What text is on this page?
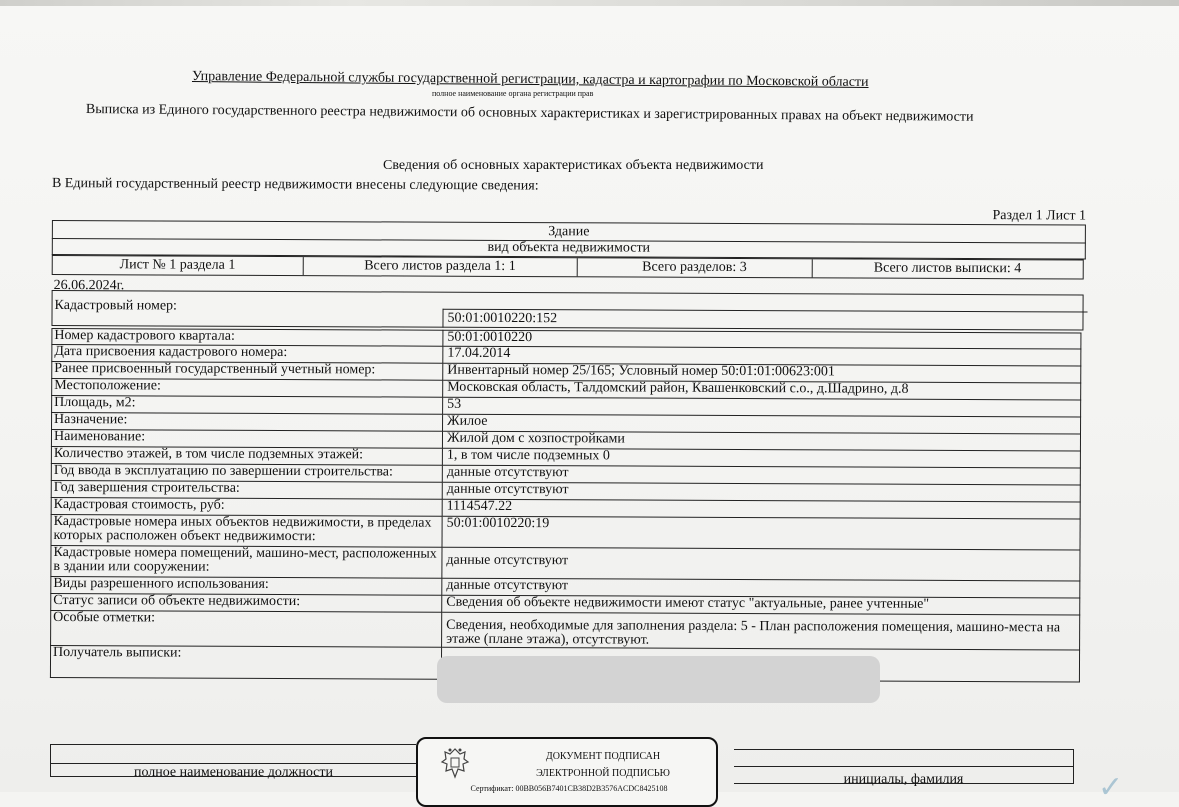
Управление Федеральной службы государственной регистрации, кадастра и картографии по Московской области
полное наименование органа регистрации прав
Выписка из Единого государственного реестра недвижимости об основных характеристиках и зарегистрированных правах на объект недвижимости
Сведения об основных характеристиках объекта недвижимости
В Единый государственный реестр недвижимости внесены следующие сведения:
Раздел 1 Лист 1
Здание
вид объекта недвижимости
Лист № 1 раздела 1	Всего листов раздела 1: 1	Всего разделов: 3	Всего листов выписки: 4
26.06.2024г.
Кадастровый номер:
50:01:0010220:152
Номер кадастрового квартала:	50:01:0010220
Дата присвоения кадастрового номера:	17.04.2014
Ранее присвоенный государственный учетный номер:	Инвентарный номер 25/165; Условный номер 50:01:01:00623:001
Местоположение:	Московская область, Талдомский район, Квашенковский с.о., д.Шадрино, д.8
Площадь, м2:	53
Назначение:	Жилое
Наименование:	Жилой дом с хозпостройками
Количество этажей, в том числе подземных этажей:	1, в том числе подземных 0
Год ввода в эксплуатацию по завершении строительства:	данные отсутствуют
Год завершения строительства:	данные отсутствуют
Кадастровая стоимость, руб:	1114547.22
Кадастровые номера иных объектов недвижимости, в пределах которых расположен объект недвижимости:	50:01:0010220:19
Кадастровые номера помещений, машино-мест, расположенных в здании или сооружении:	данные отсутствуют
Виды разрешенного использования:	данные отсутствуют
Статус записи об объекте недвижимости:	Сведения об объекте недвижимости имеют статус "актуальные, ранее учтенные"
Особые отметки:	Сведения, необходимые для заполнения раздела: 5 - План расположения помещения, машино-места на этаже (плане этажа), отсутствуют.
Получатель выписки:	
полное наименование должности	инициалы, фамилия
ДОКУМЕНТ ПОДПИСАН
ЭЛЕКТРОННОЙ ПОДПИСЬЮ
Сертификат: 00BB056B7401CB38D2B3576ACDC8425108	✓
